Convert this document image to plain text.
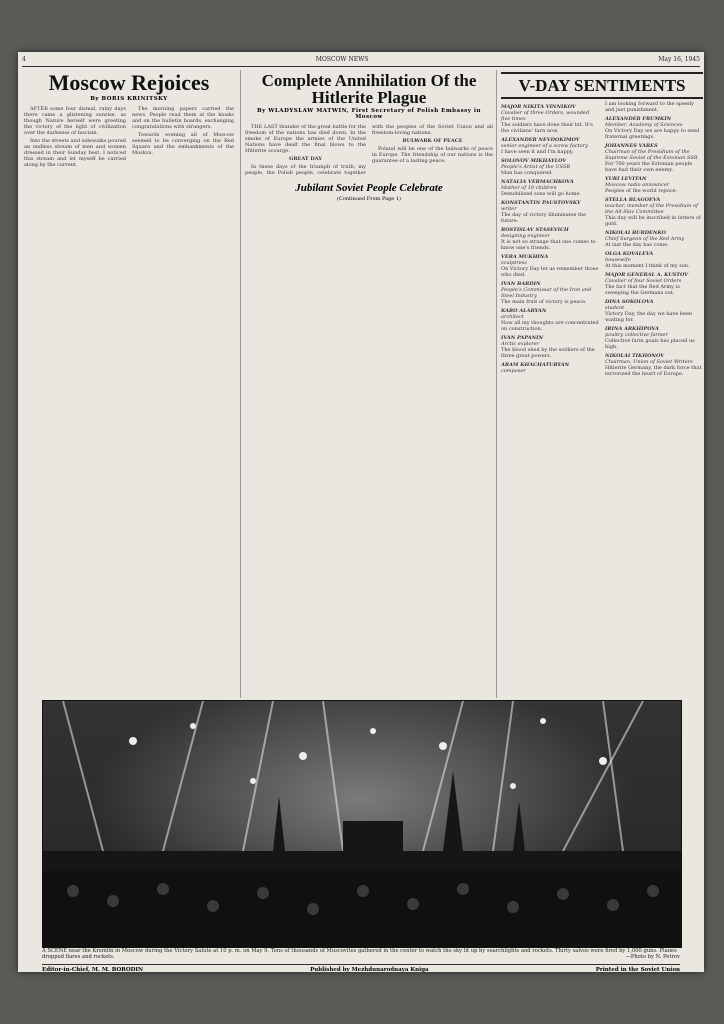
4	MOSCOW NEWS	May 16, 1945
Moscow Rejoices
By BORIS KRINITSKY

AFTER some four dismal, rainy days there came a glistening sunrise, as though Nature herself were greeting the victory of the light of civilization over the darkness of fascism.

Into the streets and sidewalks poured an endless stream of men and women dressed in their Sunday best. I noticed this stream and let myself be carried along by the current.

The morning papers carried the news. People read them at the kiosks and on the bulletin boards, exchanging congratulations with strangers.

Towards evening all of Moscow seemed to be converging on the Red Square and the embankments of the Moskva.

Complete Annihilation Of the Hitlerite Plague
By WLADYSLAW MATWIN, First Secretary of Polish Embassy in Moscow

THE LAST thunder of the great battle for the freedom of the nations has died down. In the smoke of Europe the armies of the United Nations have dealt the final blows to the Hitlerite scourge.

GREAT DAY

In these days of the triumph of truth, my people, the Polish people, celebrate together with the peoples of the Soviet Union and all freedom-loving nations.

BULWARK OF PEACE

Poland will be one of the bulwarks of peace in Europe. The friendship of our nations is the guarantee of a lasting peace.

Jubilant Soviet People Celebrate
(Continued From Page 1)
V-DAY SENTIMENTS
MAJOR NIKITA VINNIKOV
Cavalier of three Orders, wounded five times
The soldiers have done their bit. It's the civilians' turn now.
ALEXANDER NEVDOKIMOV
senior engineer of a screw factory
I have seen it and I'm happy.
SOLOVOV MIKHAYLOV
People's Artist of the USSR
Man has conquered.
NATALIA VERMACHKOVA
Mother of 10 children
Demobilized sons will go home.
KONSTANTIN PAUSTOVSKY
writer
The day of victory illuminates the future.
ROSTISLAV STASEVICH
designing engineer
It is not so strange that one comes to know one's friends.
VERA MUKHINA
sculptress
On Victory Day let us remember those who died.
IVAN BARDIN
People's Commissar of the Iron and Steel Industry
The main fruit of victory is peace.
KARO ALABYAN
architect
Now all my thoughts are concentrated on construction.
IVAN PAPANIN
Arctic explorer
The blood shed by the soldiers of the three great powers.
ARAM KHACHATURYAN
composer
I am looking forward to the speedy and just punishment.
ALEXANDER FRUMKIN
Member, Academy of Sciences
On Victory Day we are happy to send fraternal greetings.
JOHANNES VARES
Chairman of the Presidium of the Supreme Soviet of the Estonian SSR
For 700 years the Estonian people have had their own enemy.
YURI LEVITAN
Moscow radio announcer
Peoples of the world rejoice.
STELLA BLAGOEVA
teacher, member of the Presidium of the All-Slav Committee
This day will be inscribed in letters of gold.
NIKOLAI BURDENKO
Chief Surgeon of the Red Army
At last the day has come.
OLGA KOVALEVA
housewife
At this moment I think of my son.
MAJOR GENERAL A. KUSTOV
Cavalier of four Soviet Orders
The fact that the Red Army is sweeping the Germans out.
DINA SOKOLOVA
student
Victory Day, the day we have been waiting for.
IRINA ARKHIPOVA
poultry collective farmer
Collective farm goals has placed us high.
NIKOLAI TIKHONOV
Chairman, Union of Soviet Writers
Hitlerite Germany, the dark force that terrorized the heart of Europe.
A SCENE near the Kremlin in Moscow during the Victory Salute at 10 p. m. on May 9. Tens of thousands of Muscovites gathered in the center to watch the sky lit up by searchlights and rockets. Thirty salvos were fired by 1,000 guns. Planes dropped flares and rockets.	—Photo by N. Petrov
Editor-in-Chief, M. M. BORODIN	Published by Mezhdunarodnaya Kniga	Printed in the Soviet Union
